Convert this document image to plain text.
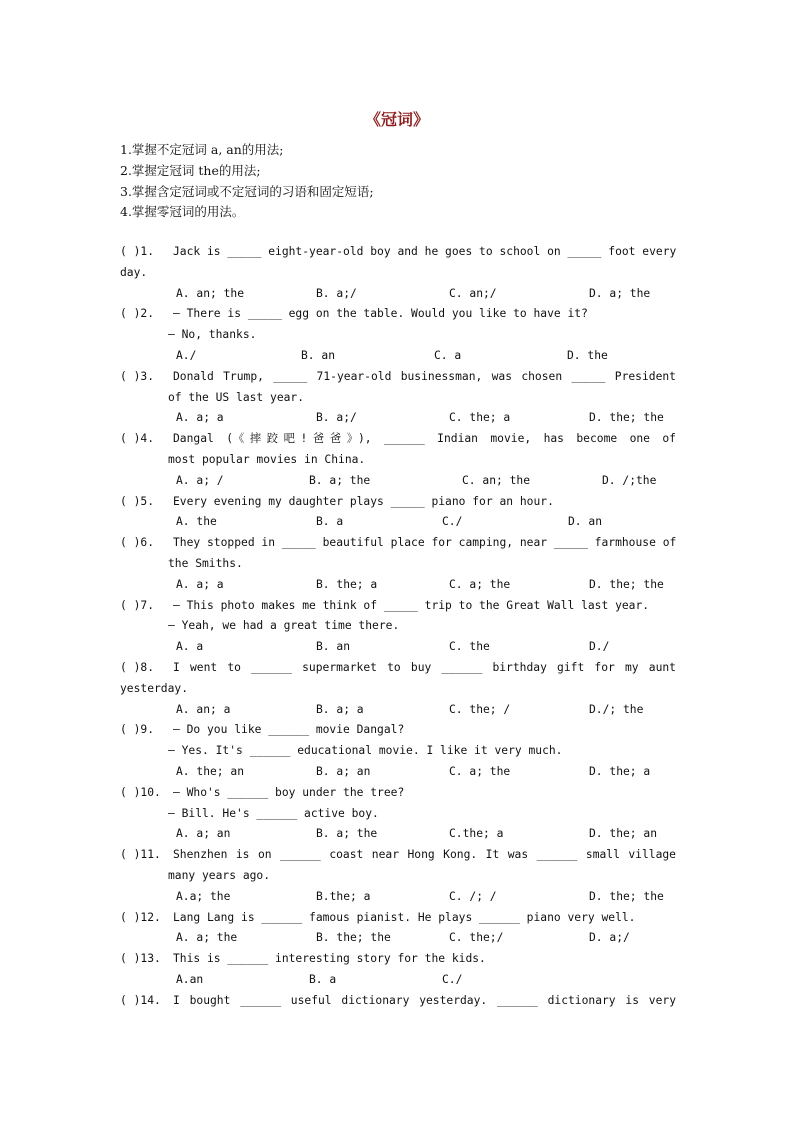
《冠词》
1.掌握不定冠词 a, an的用法;
2.掌握定冠词 the的用法;
3.掌握含定冠词或不定冠词的习语和固定短语;
4.掌握零冠词的用法。
( )1.	Jack is _____ eight-year-old boy and he goes to school on _____ foot every
day.
A. an; the	B. a;/	C. an;/	D. a; the
( )2.	— There is _____ egg on the table. Would you like to have it?
— No, thanks.
A./	B. an	C. a	D. the
( )3.	Donald Trump, _____ 71-year-old businessman, was chosen _____ President
of the US last year.
A. a; a	B. a;/	C. the; a	D. the; the
( )4.	Dangal (《摔跤吧!爸爸》), ______ Indian movie, has become one of
most popular movies in China.
A. a; /	B. a; the	C. an; the	D. /;the
( )5.	Every evening my daughter plays _____ piano for an hour.
A. the	B. a	C./	D. an
( )6.	They stopped in _____ beautiful place for camping, near _____ farmhouse of
the Smiths.
A. a; a	B. the; a	C. a; the	D. the; the
( )7.	— This photo makes me think of _____ trip to the Great Wall last year.
— Yeah, we had a great time there.
A. a	B. an	C. the	D./
( )8.	I went to ______ supermarket to buy ______ birthday gift for my aunt
yesterday.
A. an; a	B. a; a	C. the; /	D./; the
( )9.	— Do you like ______ movie Dangal?
— Yes. It's ______ educational movie. I like it very much.
A. the; an	B. a; an	C. a; the	D. the; a
( )10.	— Who's ______ boy under the tree?
— Bill. He's ______ active boy.
A. a; an	B. a; the	C.the; a	D. the; an
( )11.	Shenzhen is on ______ coast near Hong Kong. It was ______ small village
many years ago.
A.a; the	B.the; a	C. /; /	D. the; the
( )12.	Lang Lang is ______ famous pianist. He plays ______ piano very well.
A. a; the	B. the; the	C. the;/	D. a;/
( )13.	This is ______ interesting story for the kids.
A.an	B. a	C./
( )14.	I bought ______ useful dictionary yesterday. ______ dictionary is very
